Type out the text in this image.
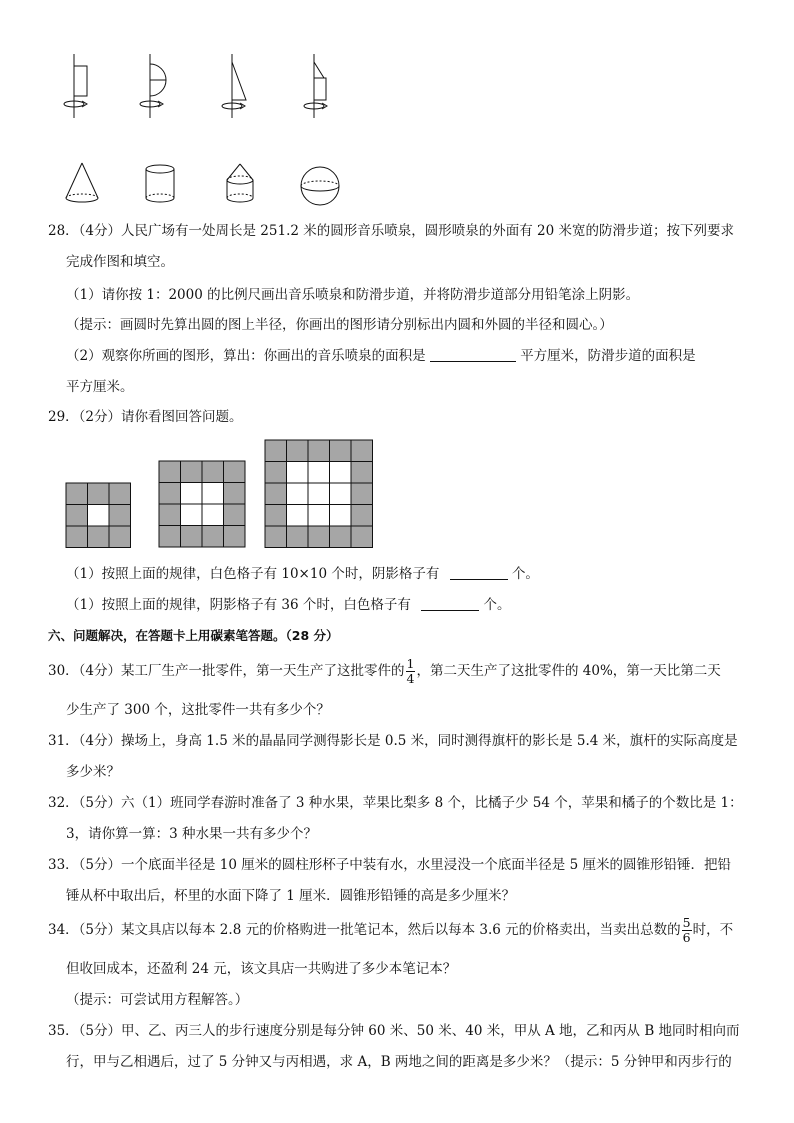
28．（4分）人民广场有一处周长是 251.2 米的圆形音乐喷泉，圆形喷泉的外面有 20 米宽的防滑步道；按下列要求
完成作图和填空。
（1）请你按 1：2000 的比例尺画出音乐喷泉和防滑步道，并将防滑步道部分用铅笔涂上阴影。
（提示：画圆时先算出圆的图上半径，你画出的图形请分别标出内圆和外圆的半径和圆心。）
（2）观察你所画的图形，算出：你画出的音乐喷泉的面积是	平方厘米，防滑步道的面积是
平方厘米。
29．（2分）请你看图回答问题。
（1）按照上面的规律，白色格子有 10×10 个时，阴影格子有	个。
（1）按照上面的规律，阴影格子有 36 个时，白色格子有	个。
六、问题解决，在答题卡上用碳素笔答题。（28 分）
30．（4分）某工厂生产一批零件，第一天生产了这批零件的 $\frac{1}{4}$ ，第二天生产了这批零件的 40%，第一天比第二天
少生产了 300 个，这批零件一共有多少个？
31．（4分）操场上，身高 1.5 米的晶晶同学测得影长是 0.5 米，同时测得旗杆的影长是 5.4 米，旗杆的实际高度是
多少米？
32．（5分）六（1）班同学春游时准备了 3 种水果，苹果比梨多 8 个，比橘子少 54 个，苹果和橘子的个数比是 1：
3，请你算一算：3 种水果一共有多少个？
33．（5分）一个底面半径是 10 厘米的圆柱形杯子中装有水，水里浸没一个底面半径是 5 厘米的圆锥形铅锤．把铅
锤从杯中取出后，杯里的水面下降了 1 厘米．圆锥形铅锤的高是多少厘米？
34．（5分）某文具店以每本 2.8 元的价格购进一批笔记本，然后以每本 3.6 元的价格卖出，当卖出总数的 $\frac{5}{6}$ 时，不
但收回成本，还盈利 24 元，该文具店一共购进了多少本笔记本？
（提示：可尝试用方程解答。）
35．（5分）甲、乙、丙三人的步行速度分别是每分钟 60 米、50 米、40 米，甲从 A 地，乙和丙从 B 地同时相向而
行，甲与乙相遇后，过了 5 分钟又与丙相遇，求 A，B 两地之间的距离是多少米？（提示：5 分钟甲和丙步行的
